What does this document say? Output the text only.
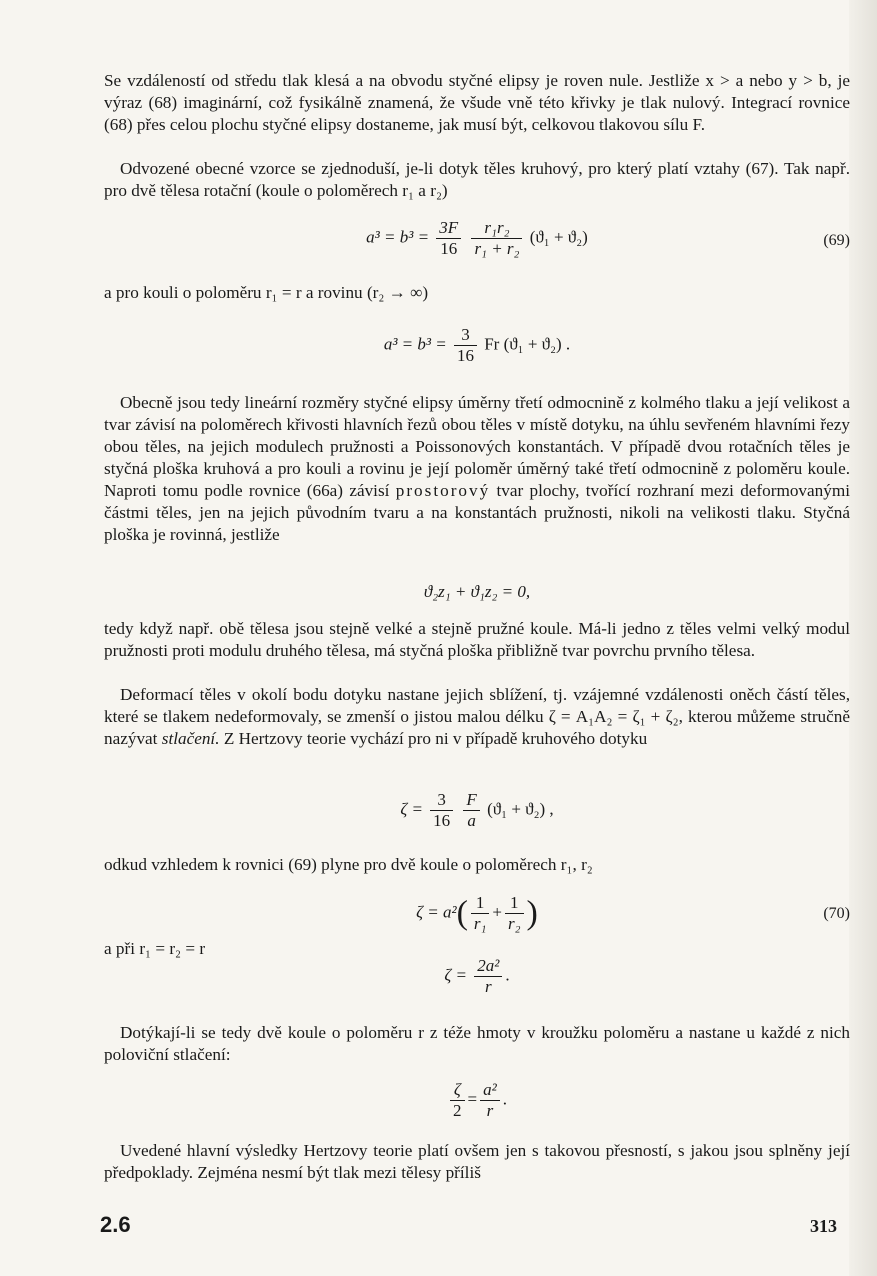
Se vzdáleností od středu tlak klesá a na obvodu styčné elipsy je roven nule. Jestliže x > a nebo y > b, je výraz (68) imaginární, což fysikálně znamená, že všude vně této křivky je tlak nulový. Integrací rovnice (68) přes celou plochu styčné elipsy dostaneme, jak musí být, celkovou tlakovou sílu F.

Odvozené obecné vzorce se zjednoduší, je-li dotyk těles kruhový, pro který platí vztahy (67). Tak např. pro dvě tělesa rotační (koule o poloměrech r₁ a r₂)

$a^3 = b^3 = \frac{3F}{16}$
$\frac{\text{r₁r₂}}{\text{r₁ + r₂}} (ϑ_1 + ϑ_2)$	(69)

a pro kouli o poloměru r₁ = r a rovinu (r₂ → ∞)

$a^3 = b^3 = \frac{3}{16}$ Fr (ϑ₁ + ϑ₂) .

Obecně jsou tedy lineární rozměry styčné elipsy úměrny třetí odmocnině z kolmého tlaku a její velikost a tvar závisí na poloměrech křivosti hlavních řezů obou těles v místě dotyku, na úhlu sevřeném hlavními řezy obou těles, na jejich modulech pružnosti a Poissonových konstantách. V případě dvou rotačních těles je styčná ploška kruhová a pro kouli a rovinu je její poloměr úměrný také třetí odmocnině z poloměru koule. Naproti tomu podle rovnice (66a) závisí prostorový tvar plochy, tvořící rozhraní mezi deformovanými částmi těles, jen na jejich původním tvaru a na konstantách pružnosti, nikoli na velikosti tlaku. Styčná ploška je rovinná, jestliže

ϑ₂z₁ + ϑ₁z₂ = 0,

tedy když např. obě tělesa jsou stejně velké a stejně pružné koule. Má-li jedno z těles velmi velký modul pružnosti proti modulu druhého tělesa, má styčná ploška přibližně tvar povrchu prvního tělesa.

Deformací těles v okolí bodu dotyku nastane jejich sblížení, tj. vzájemné vzdálenosti oněch částí těles, které se tlakem nedeformovaly, se zmenší o jistou malou délku ζ = A₁A₂ = ζ₁ + ζ₂, kterou můžeme stručně nazývat stlačení. Z Hertzovy teorie vychází pro ni v případě kruhového dotyku

$\zeta = \frac{3}{16}$
$\frac{F}{a} (ϑ_1 + ϑ_2)$ ,

odkud vzhledem k rovnici (69) plyne pro dvě koule o poloměrech r₁, r₂

$\zeta = a^2( \frac{1}{\text{r₁}} + \frac{1}{\text{r₂}}$ )	(70)

a při r₁ = r₂ = r

$\zeta = \frac{\text{2a²}}{r}$ .

Dotýkají-li se tedy dvě koule o poloměru r z téže hmoty v kroužku poloměru a nastane u každé z nich poloviční stlačení:

$\frac{\zeta}{2} = \frac{\text{a²}}{r}$ .

Uvedené hlavní výsledky Hertzovy teorie platí ovšem jen s takovou přesností, s jakou jsou splněny její předpoklady. Zejména nesmí být tlak mezi tělesy příliš

2.6	313
